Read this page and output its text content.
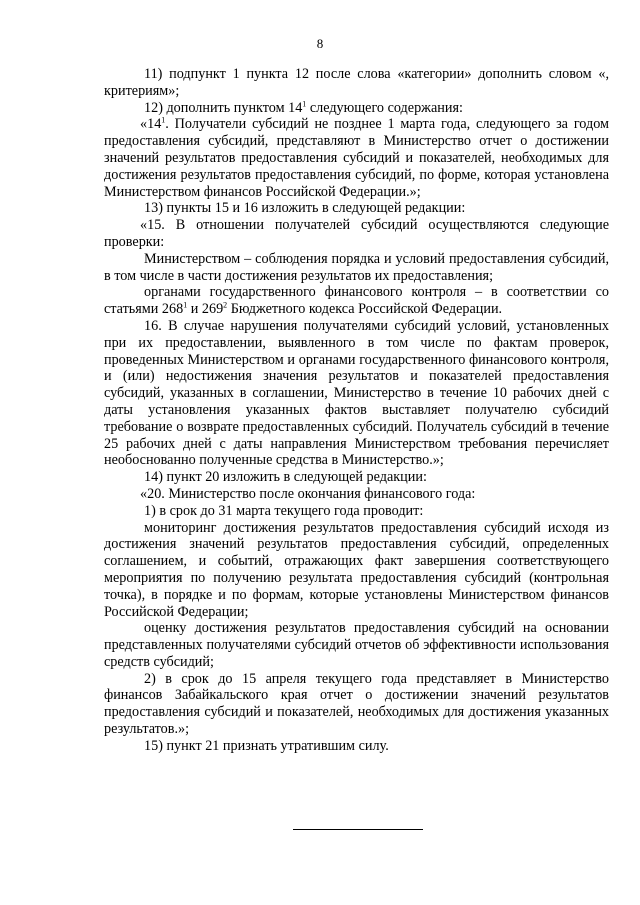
8

11) подпункт 1 пункта 12 после слова «категории» дополнить словом «, критериям»;

12) дополнить пунктом $14^1$ следующего содержания:

«$14^1$. Получатели субсидий не позднее 1 марта года, следующего за годом предоставления субсидий, представляют в Министерство отчет о достижении значений результатов предоставления субсидий и показателей, необходимых для достижения результатов предоставления субсидий, по форме, которая установлена Министерством финансов Российской Федерации.»;

13) пункты 15 и 16 изложить в следующей редакции:

«15. В отношении получателей субсидий осуществляются следующие проверки:

Министерством – соблюдения порядка и условий предоставления субсидий, в том числе в части достижения результатов их предоставления;

органами государственного финансового контроля – в соответствии со статьями $268^1$ и $269^2$ Бюджетного кодекса Российской Федерации.

16. В случае нарушения получателями субсидий условий, установленных при их предоставлении, выявленного в том числе по фактам проверок, проведенных Министерством и органами государственного финансового контроля, и (или) недостижения значения результатов и показателей предоставления субсидий, указанных в соглашении, Министерство в течение 10 рабочих дней с даты установления указанных фактов выставляет получателю субсидий требование о возврате предоставленных субсидий. Получатель субсидий в течение 25 рабочих дней с даты направления Министерством требования перечисляет необоснованно полученные средства в Министерство.»;

14) пункт 20 изложить в следующей редакции:

«20. Министерство после окончания финансового года:

1) в срок до 31 марта текущего года проводит:

мониторинг достижения результатов предоставления субсидий исходя из достижения значений результатов предоставления субсидий, определенных соглашением, и событий, отражающих факт завершения соответствующего мероприятия по получению результата предоставления субсидий (контрольная точка), в порядке и по формам, которые установлены Министерством финансов Российской Федерации;

оценку достижения результатов предоставления субсидий на основании представленных получателями субсидий отчетов об эффективности использования средств субсидий;

2) в срок до 15 апреля текущего года представляет в Министерство финансов Забайкальского края отчет о достижении значений результатов предоставления субсидий и показателей, необходимых для достижения указанных результатов.»;

15) пункт 21 признать утратившим силу.
